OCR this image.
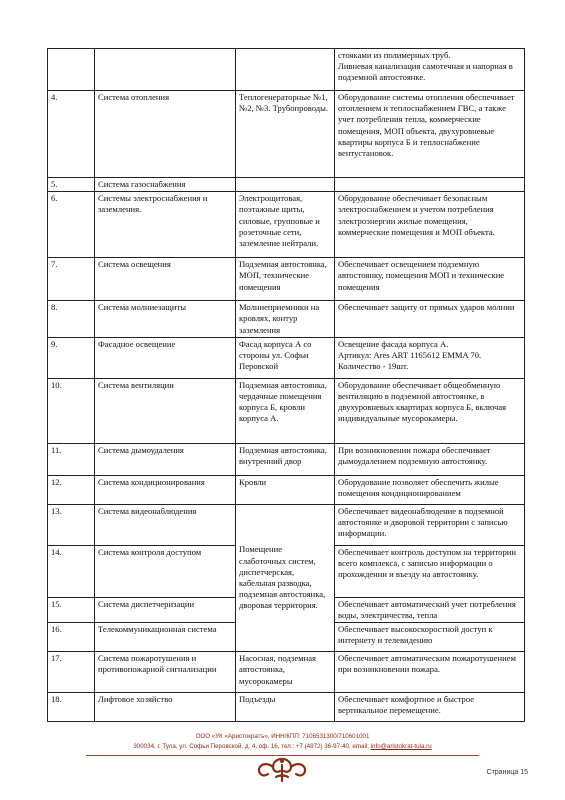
			стояками из полимерных труб.
Ливневая канализация самотечная и напорная в подземной автостоянке.
4.	Система отопления	Теплогенераторные №1, №2, №3. Трубопроводы.	Оборудование системы отопления обеспечивает отоплением и теплоснабжением ГВС, а также учет потребления тепла, коммерческие помещения, МОП объекта, двухуровневые квартиры корпуса Б и теплоснабжение вентустановок.
5.	Система газоснабжения		
6.	Системы электроснабжения и заземления.	Электрощитовая, поэтажные щиты, силовые, групповые и розеточные сети, заземление нейтрали.	Оборудование обеспечивает безопасным электроснабжением и учетом потребления электроэнергии жилые помещения, коммерческие помещения и МОП объекта.
7.	Система освещения	Подземная автостоянка, МОП, технические помещения	Обеспечивает освещением подземную автостоянку, помещения МОП и технические помещения
8.	Система молниезащиты	Молниеприемники на кровлях, контур заземления	Обеспечивает защиту от прямых ударов молнии
9.	Фасадное освещение	Фасад корпуса А со стороны ул. Софьи Перовской	Освещение фасада корпуса А.
Артикул: Ares ART 1165612 EMMA 70. Количество - 19шт.
10.	Система вентиляции	Подземная автостоянка, чердачные помещения корпуса Б, кровли корпуса А.	Оборудование обеспечивает общеобменную вентиляцию в подземной автостоянке, в двухуровневых квартирах корпуса Б, включая индивидуальные мусорокамеры.
11.	Система дымоудаления	Подземная автостоянка, внутренний двор	При возникновении пожара обеспечивает дымоудалением подземную автостоянку.
12.	Система кондиционирования	Кровли	Оборудование позволяет обеспечить жилые помещения кондиционированием
13.	Система видеонаблюдения	Помещение слаботочных систем, диспетчерская, кабельная разводка, подземная автостоянка, дворовая территория.	Обеспечивает видеонаблюдение в подземной автостоянке и дворовой территории с записью информации.
14.	Система контроля доступом		Обеспечивает контроль доступом на территории всего комплекса, с записью информации о прохождении и въезду на автостоянку.
15.	Система диспетчеризации		Обеспечивает автоматический учет потребления воды, электричества, тепла
16.	Телекоммуникационная система		Обеспечивает высокоскоростной доступ к интернету и телевидению
17.	Система пожаротушения и противопожарной сигнализации	Насосная, подземная автостоянка, мусорокамеры	Обеспечивает автоматическим пожаротушением при возникновении пожара.
18.	Лифтовое хозяйство	Подъезды	Обеспечивает комфортное и быстрое вертикальное перемещение.
ООО «УК «Аристократъ», ИНН/КПП: 7106531300/710601001
300034, г. Тула, ул. Софьи Перовской, д. 4, оф. 16, тел.: +7 (4872) 36-97-40, email: info@aristokrat-tula.ru
Страница 15
